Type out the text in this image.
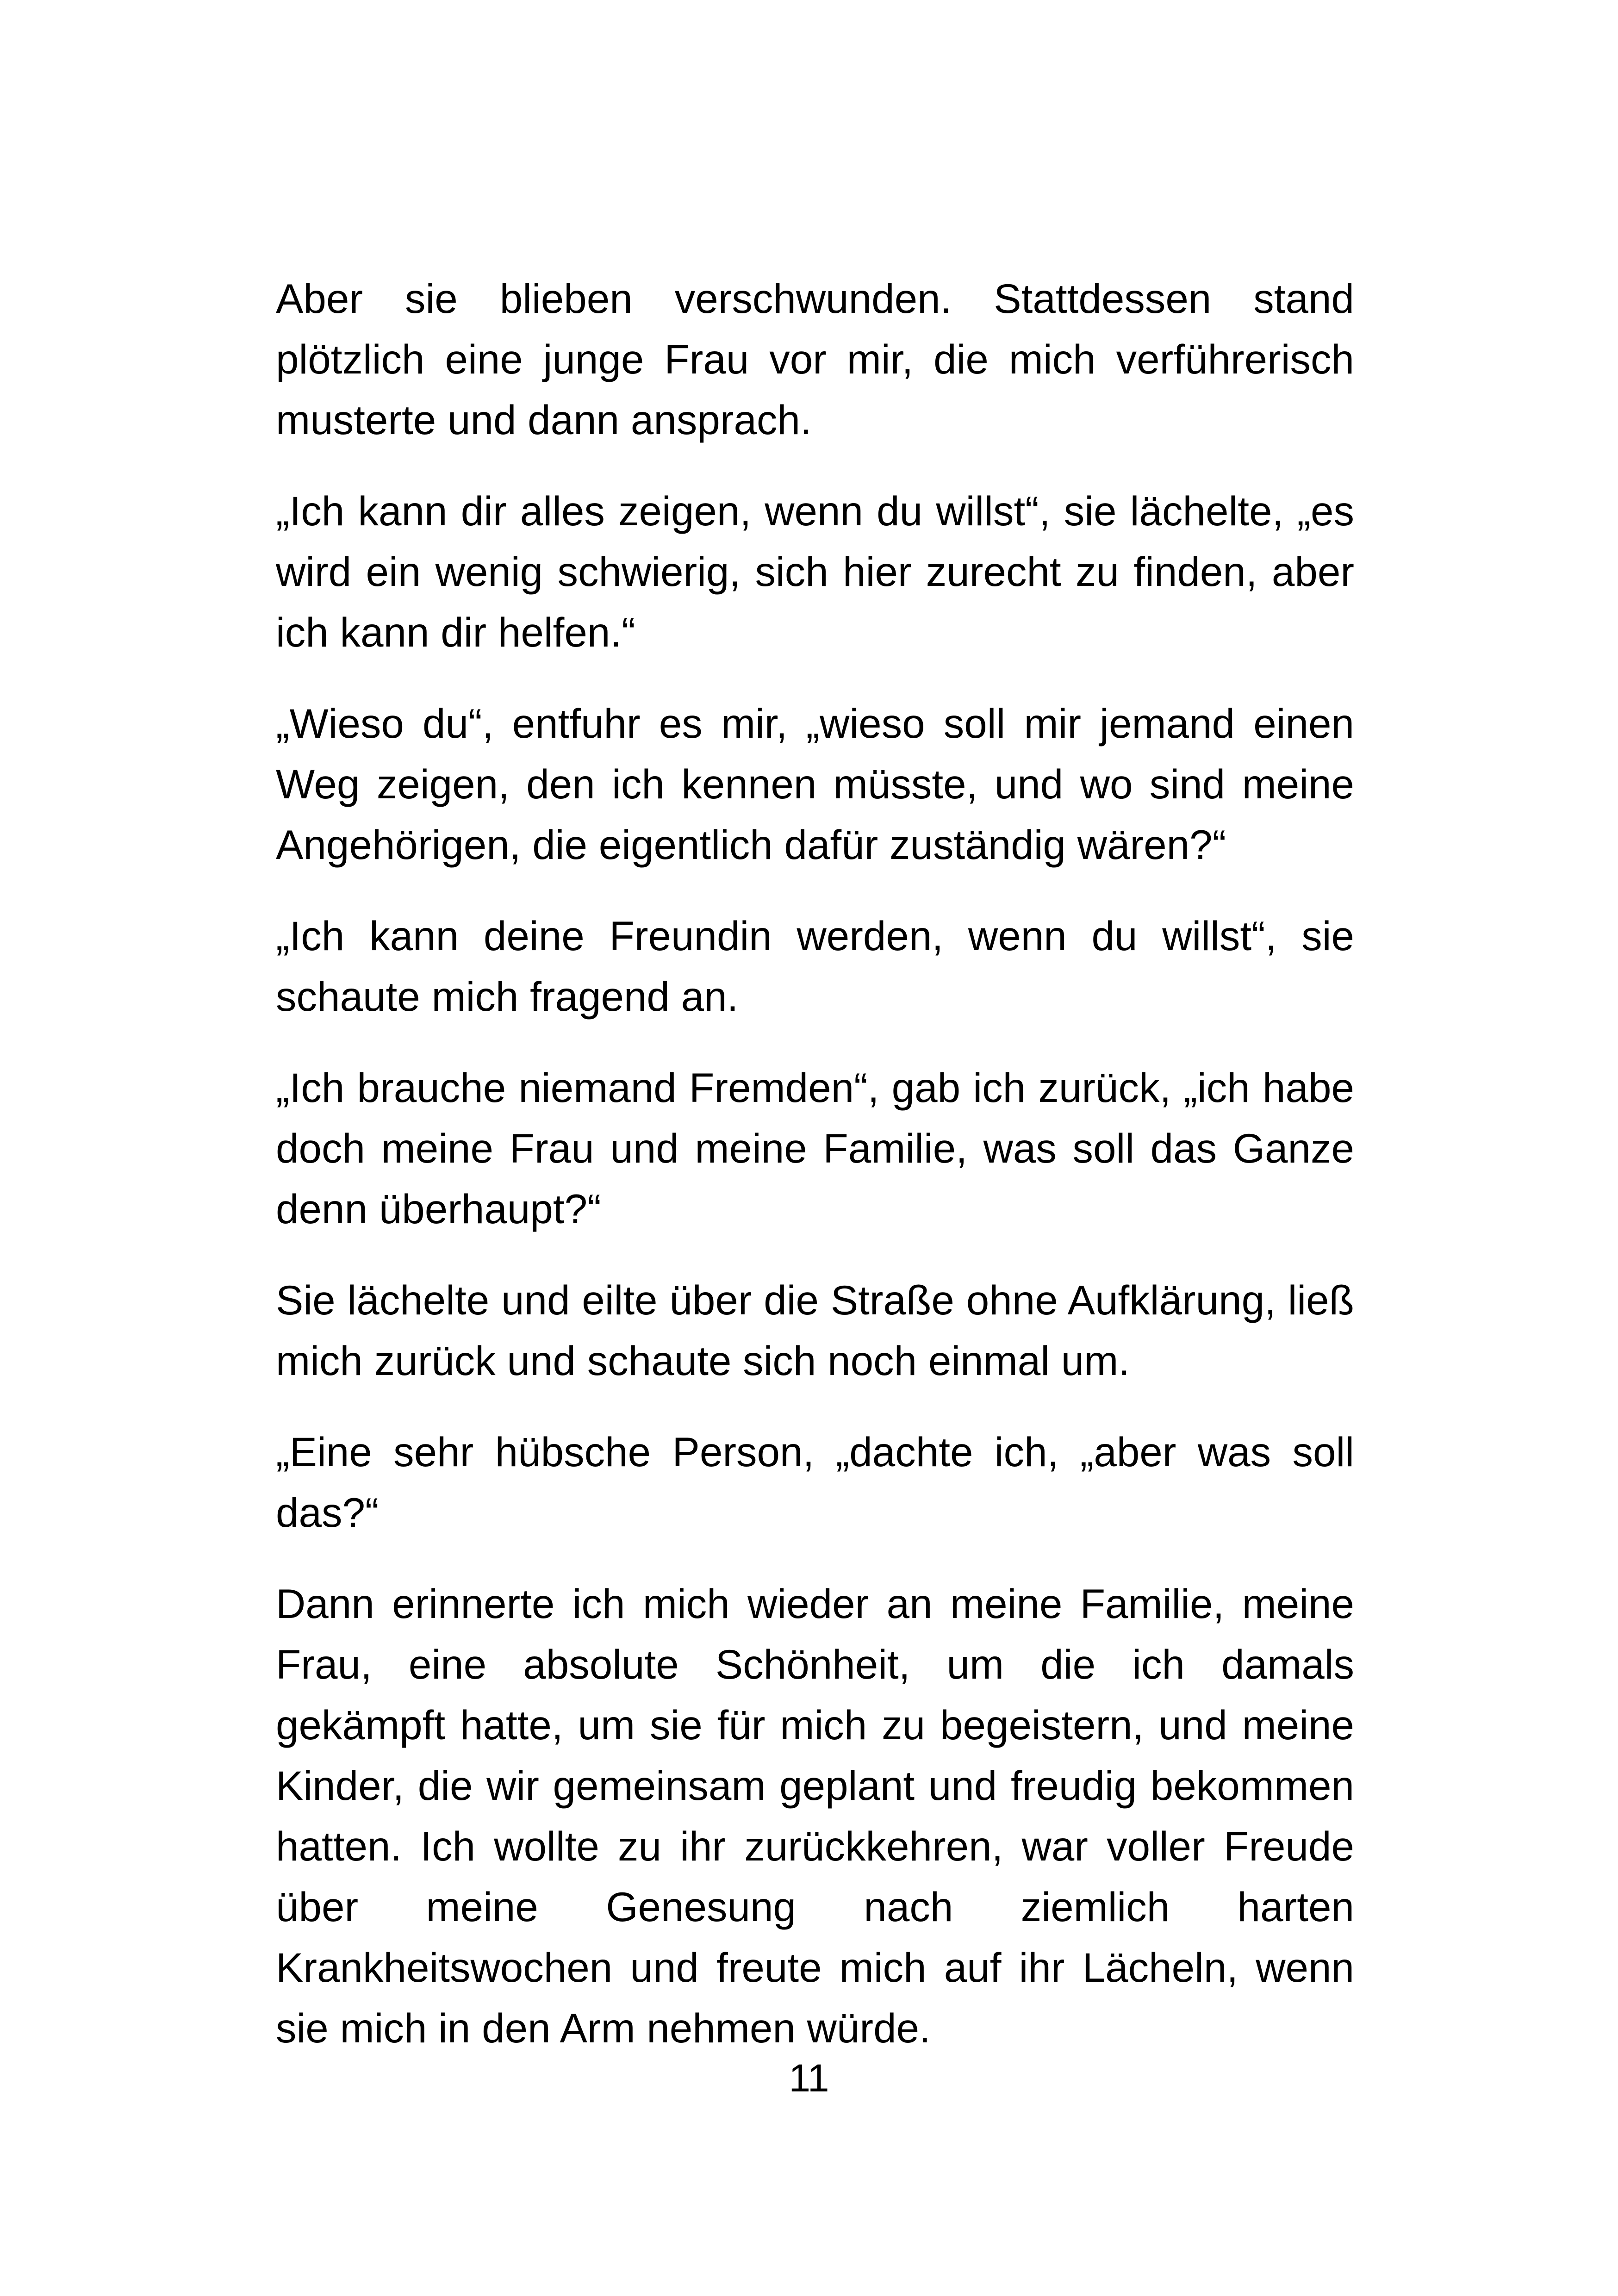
Aber sie blieben verschwunden. Stattdessen stand plötzlich eine junge Frau vor mir, die mich verführerisch musterte und dann ansprach.

„Ich kann dir alles zeigen, wenn du willst“, sie lächelte, „es wird ein wenig schwierig, sich hier zurecht zu finden, aber ich kann dir helfen.“

„Wieso du“, entfuhr es mir, „wieso soll mir jemand einen Weg zeigen, den ich kennen müsste, und wo sind meine Angehörigen, die eigentlich dafür zuständig wären?“

„Ich kann deine Freundin werden, wenn du willst“, sie schaute mich fragend an.

„Ich brauche niemand Fremden“, gab ich zurück, „ich habe doch meine Frau und meine Familie, was soll das Ganze denn überhaupt?“

Sie lächelte und eilte über die Straße ohne Aufklärung, ließ mich zurück und schaute sich noch einmal um.

„Eine sehr hübsche Person, „dachte ich, „aber was soll das?“

Dann erinnerte ich mich wieder an meine Familie, meine Frau, eine absolute Schönheit, um die ich damals gekämpft hatte, um sie für mich zu begeistern, und meine Kinder, die wir gemeinsam geplant und freudig bekommen hatten. Ich wollte zu ihr zurückkehren, war voller Freude über meine Genesung nach ziemlich harten Krankheitswochen und freute mich auf ihr Lächeln, wenn sie mich in den Arm nehmen würde.

11
